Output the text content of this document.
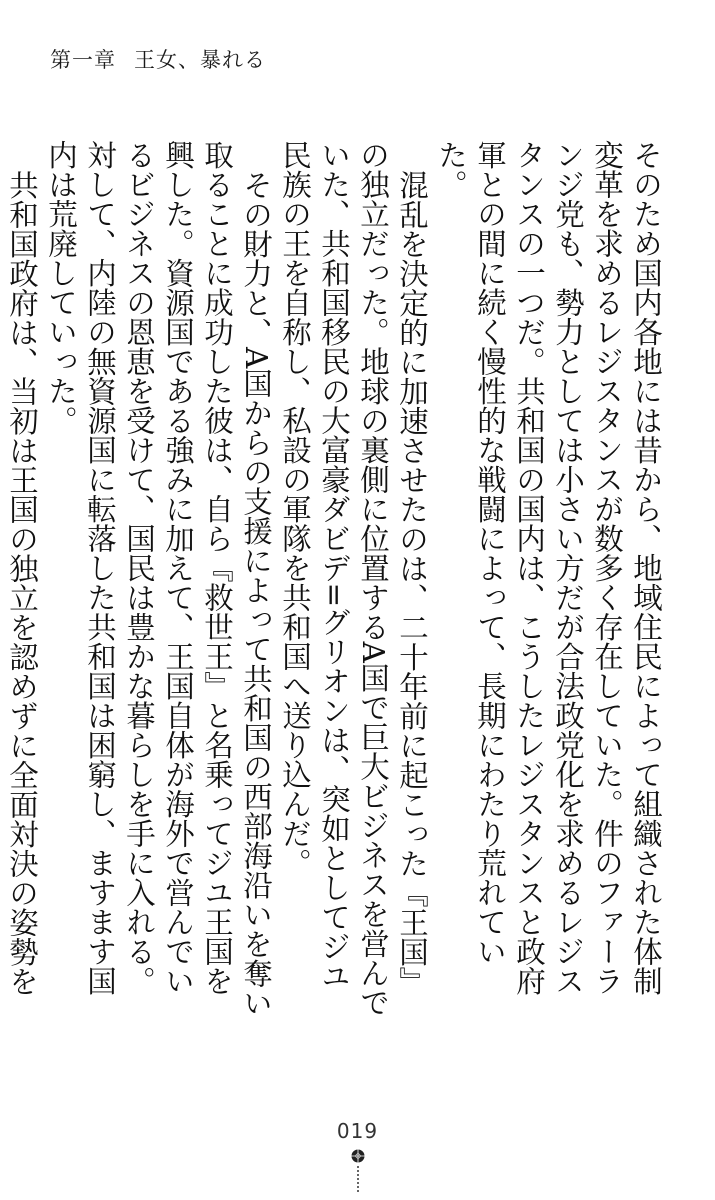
第一章 王女、暴れる

そのため国内各地には昔から、地域住民によって組織された体制変革を求めるレジスタンスが数多く存在していた。件のファーランジ党も、勢力としては小さい方だが合法政党化を求めるレジスタンスの一つだ。共和国の国内は、こうしたレジスタンスと政府軍との間に続く慢性的な戦闘によって、長期にわたり荒れていた。

混乱を決定的に加速させたのは、二十年前に起こった『王国』の独立だった。地球の裏側に位置するA国で巨大ビジネスを営んでいた、共和国移民の大富豪ダビデ=グリオンは、突如としてジユ民族の王を自称し、私設の軍隊を共和国へ送り込んだ。

その財力と、A国からの支援によって共和国の西部海沿いを奪い取ることに成功した彼は、自ら『救世王』と名乗ってジユ王国を興した。資源国である強みに加えて、王国自体が海外で営んでいるビジネスの恩恵を受けて、国民は豊かな暮らしを手に入れる。対して、内陸の無資源国に転落した共和国は困窮し、ますます国内は荒廃していった。

共和国政府は、当初は王国の独立を認めずに全面対決の姿勢を

019
